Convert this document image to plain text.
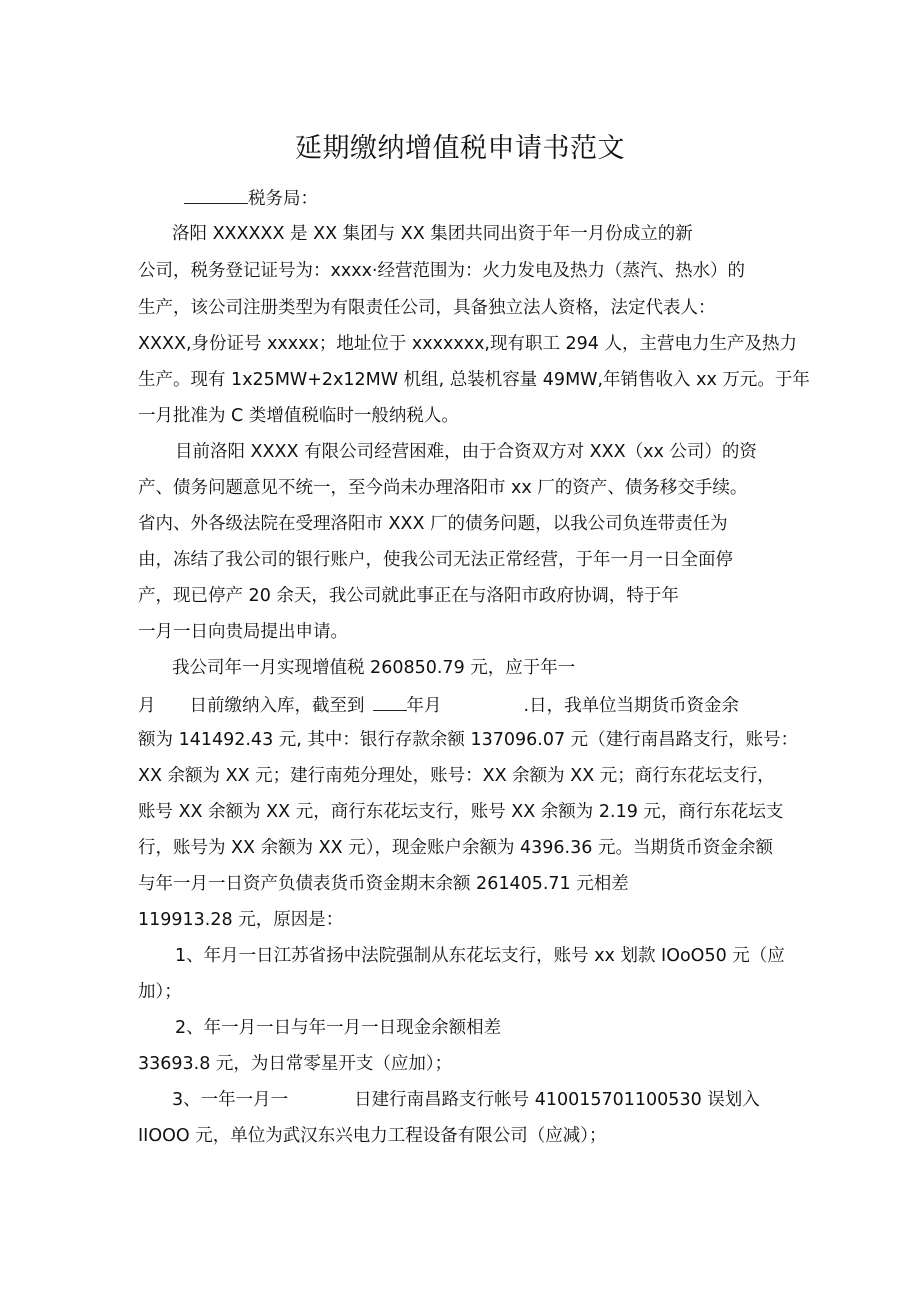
延期缴纳增值税申请书范文
税务局：
洛阳 XXXXXX 是 XX 集团与 XX 集团共同出资于年一月份成立的新
公司，税务登记证号为：xxxx·经营范围为：火力发电及热力（蒸汽、热水）的
生产，该公司注册类型为有限责任公司，具备独立法人资格，法定代表人：
XXXX,身份证号 xxxxx；地址位于 xxxxxxx,现有职工 294 人，主营电力生产及热力
生产。现有 1x25MW+2x12MW 机组, 总装机容量 49MW,年销售收入 xx 万元。于年
一月批准为 C 类增值税临时一般纳税人。
目前洛阳 XXXX 有限公司经营困难，由于合资双方对 XXX（xx 公司）的资
产、债务问题意见不统一，至今尚未办理洛阳市 xx 厂的资产、债务移交手续。
省内、外各级法院在受理洛阳市 XXX 厂的债务问题，以我公司负连带责任为
由，冻结了我公司的银行账户，使我公司无法正常经营，于年一月一日全面停
产，现已停产 20 余天，我公司就此事正在与洛阳市政府协调，特于年
一月一日向贵局提出申请。
我公司年一月实现增值税 260850.79 元，应于年一
月 日前缴纳入库，截至到 年月	.日，我单位当期货币资金余
额为 141492.43 元, 其中：银行存款余额 137096.07 元（建行南昌路支行，账号：
XX 余额为 XX 元；建行南苑分理处，账号：XX 余额为 XX 元；商行东花坛支行，
账号 XX 余额为 XX 元，商行东花坛支行，账号 XX 余额为 2.19 元，商行东花坛支
行，账号为 XX 余额为 XX 元），现金账户余额为 4396.36 元。当期货币资金余额
与年一月一日资产负债表货币资金期末余额 261405.71 元相差
119913.28 元，原因是：
1、年月一日江苏省扬中法院强制从东花坛支行，账号 xx 划款 IOoO50 元（应
加）；
2、年一月一日与年一月一日现金余额相差
33693.8 元，为日常零星开支（应加）；
3、一年一月一	日建行南昌路支行帐号 410015701100530 误划入
IIOOO 元，单位为武汉东兴电力工程设备有限公司（应减）；
